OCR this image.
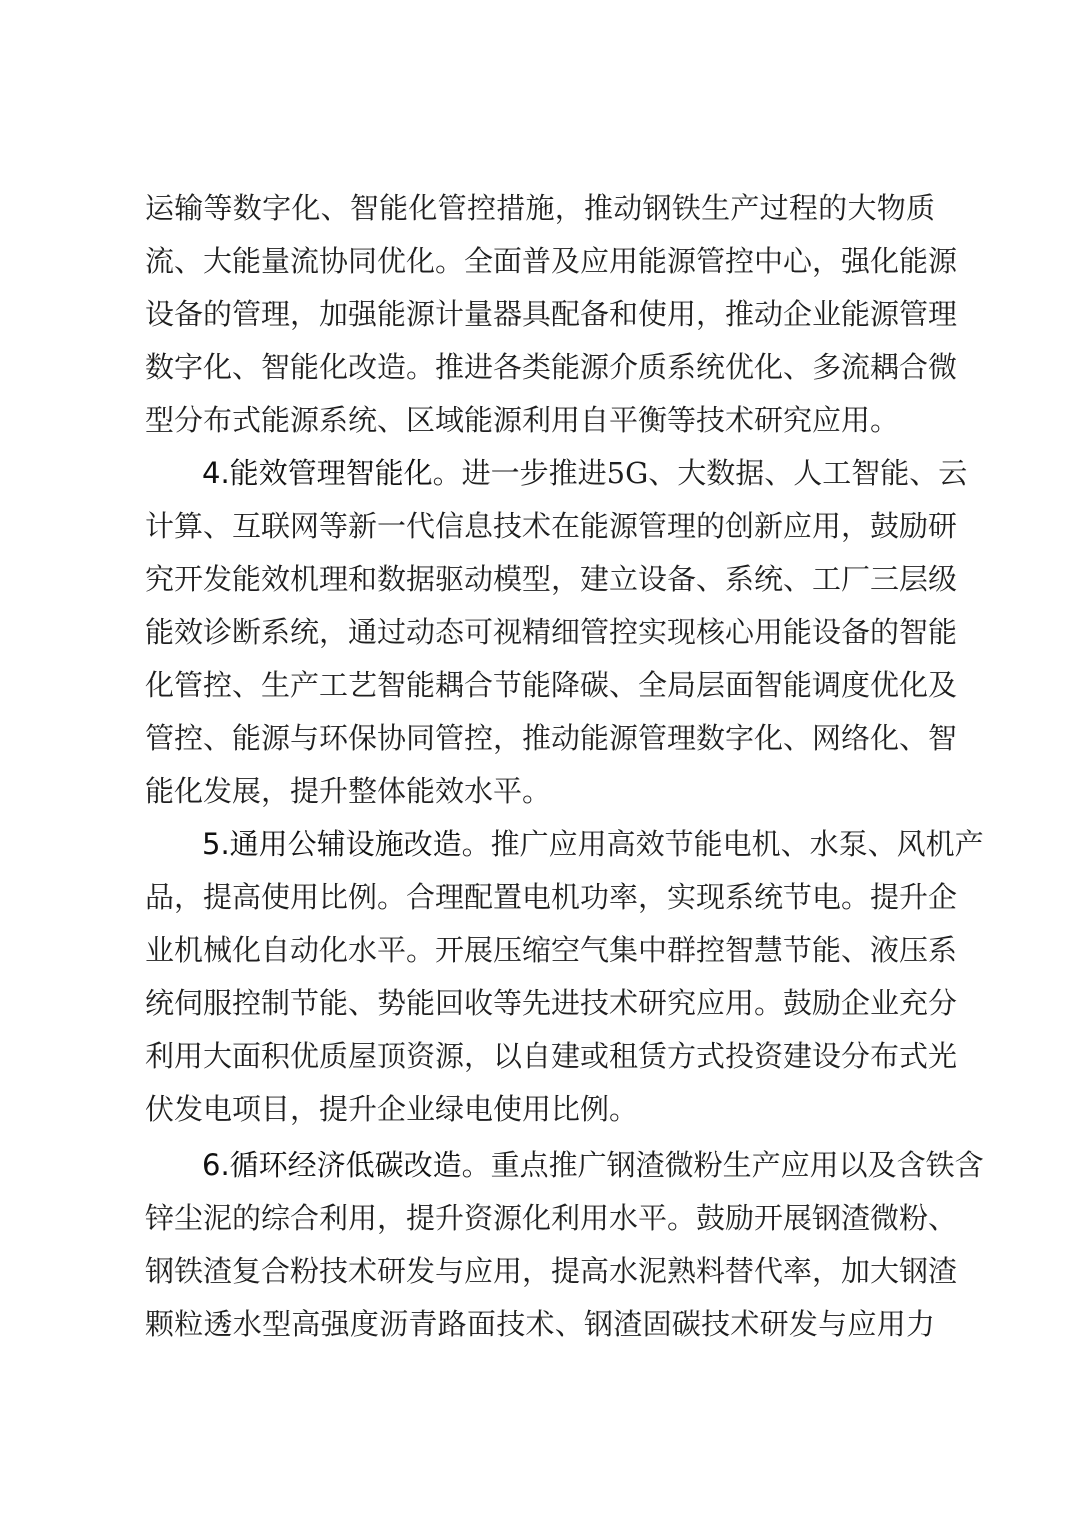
运输等数字化、智能化管控措施，推动钢铁生产过程的大物质
流、大能量流协同优化。全面普及应用能源管控中心，强化能源
设备的管理，加强能源计量器具配备和使用，推动企业能源管理
数字化、智能化改造。推进各类能源介质系统优化、多流耦合微
型分布式能源系统、区域能源利用自平衡等技术研究应用。
4.能效管理智能化。进一步推进5G、大数据、人工智能、云
计算、互联网等新一代信息技术在能源管理的创新应用，鼓励研
究开发能效机理和数据驱动模型，建立设备、系统、工厂三层级
能效诊断系统，通过动态可视精细管控实现核心用能设备的智能
化管控、生产工艺智能耦合节能降碳、全局层面智能调度优化及
管控、能源与环保协同管控，推动能源管理数字化、网络化、智
能化发展，提升整体能效水平。
5.通用公辅设施改造。推广应用高效节能电机、水泵、风机产
品，提高使用比例。合理配置电机功率，实现系统节电。提升企
业机械化自动化水平。开展压缩空气集中群控智慧节能、液压系
统伺服控制节能、势能回收等先进技术研究应用。鼓励企业充分
利用大面积优质屋顶资源，以自建或租赁方式投资建设分布式光
伏发电项目，提升企业绿电使用比例。
6.循环经济低碳改造。重点推广钢渣微粉生产应用以及含铁含
锌尘泥的综合利用，提升资源化利用水平。鼓励开展钢渣微粉、
钢铁渣复合粉技术研发与应用，提高水泥熟料替代率，加大钢渣
颗粒透水型高强度沥青路面技术、钢渣固碳技术研发与应用力
